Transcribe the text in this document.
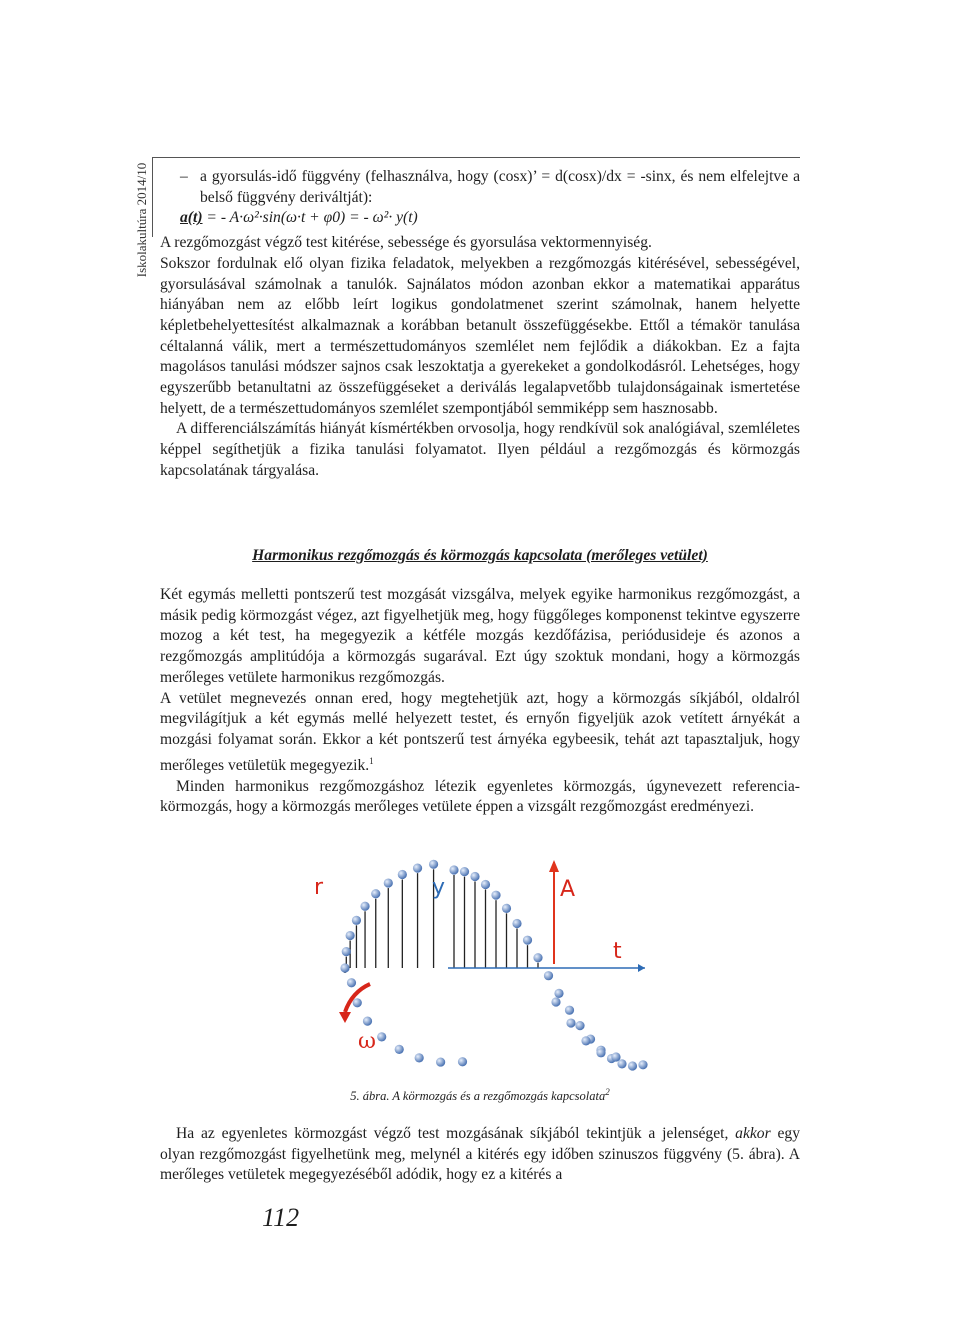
Iskolakultúra 2014/10 – a gyorsulás-idő függvény (felhasználva, hogy (cosx)’ = d(cosx)/dx = -sinx, és nem elfelejtve a belső függvény deriváltját):

a(t) = - A·ω²·sin(ω·t + φ0) = - ω²· y(t)

A rezgőmozgást végző test kitérése, sebessége és gyorsulása vektormennyiség.

Sokszor fordulnak elő olyan fizika feladatok, melyekben a rezgőmozgás kitérésével, sebességével, gyorsulásával számolnak a tanulók. Sajnálatos módon azonban ekkor a matematikai apparátus hiányában nem az előbb leírt logikus gondolatmenet szerint számolnak, hanem helyette képletbehelyettesítést alkalmaznak a korábban betanult összefüggésekbe. Ettől a témakör tanulása céltalanná válik, mert a természettudományos szemlélet nem fejlődik a diákokban. Ez a fajta magolásos tanulási módszer sajnos csak leszoktatja a gyerekeket a gondolkodásról. Lehetséges, hogy egyszerűbb betanultatni az összefüggéseket a deriválás legalapvetőbb tulajdonságainak ismertetése helyett, de a természettudományos szemlélet szempontjából semmiképp sem hasznosabb.

A differenciálszámítás hiányát kísmértékben orvosolja, hogy rendkívül sok analógiával, szemléletes képpel segíthetjük a fizika tanulási folyamatot. Ilyen például a rezgőmozgás és körmozgás kapcsolatának tárgyalása.

Harmonikus rezgőmozgás és körmozgás kapcsolata (merőleges vetület)

Két egymás melletti pontszerű test mozgását vizsgálva, melyek egyike harmonikus rezgőmozgást, a másik pedig körmozgást végez, azt figyelhetjük meg, hogy függőleges komponenst tekintve egyszerre mozog a két test, ha megegyezik a kétféle mozgás kezdőfázisa, periódusideje és azonos a rezgőmozgás amplitúdója a körmozgás sugarával. Ezt úgy szoktuk mondani, hogy a körmozgás merőleges vetülete harmonikus rezgőmozgás.

A vetület megnevezés onnan ered, hogy megtehetjük azt, hogy a körmozgás síkjából, oldalról megvilágítjuk a két egymás mellé helyezett testet, és ernyőn figyeljük azok vetített árnyékát a mozgási folyamat során. Ekkor a két pontszerű test árnyéka egybeesik, tehát azt tapasztaljuk, hogy merőleges vetületük megegyezik.$^1$

Minden harmonikus rezgőmozgáshoz létezik egyenletes körmozgás, úgynevezett referencia-körmozgás, hogy a körmozgás merőleges vetülete éppen a vizsgált rezgőmozgást eredményezi.

r	y	A
t
ω
5. ábra. A körmozgás és a rezgőmozgás kapcsolata$^2$

Ha az egyenletes körmozgást végző test mozgásának síkjából tekintjük a jelenséget, akkor egy olyan rezgőmozgást figyelhetünk meg, melynél a kitérés egy időben szinuszos függvény (5. ábra). A merőleges vetületek megegyezéséből adódik, hogy ez a kitérés a

112
